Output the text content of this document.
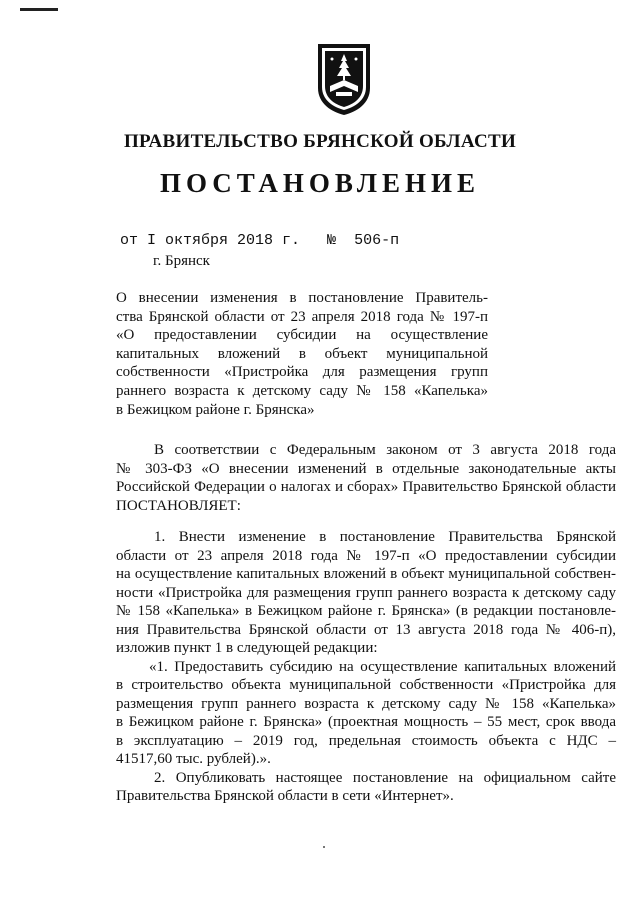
ПРАВИТЕЛЬСТВО БРЯНСКОЙ ОБЛАСТИ
ПОСТАНОВЛЕНИЕ
от I октября 2018 г. № 506-п
г. Брянск
О внесении изменения в постановление Правитель-
ства Брянской области от 23 апреля 2018 года № 197-п
«О предоставлении субсидии на осуществление
капитальных вложений в объект муниципальной
собственности «Пристройка для размещения групп
раннего возраста к детскому саду № 158 «Капелька»
в Бежицком районе г. Брянска»
В соответствии с Федеральным законом от 3 августа 2018 года
№ 303-ФЗ «О внесении изменений в отдельные законодательные акты
Российской Федерации о налогах и сборах» Правительство Брянской области
ПОСТАНОВЛЯЕТ:
1. Внести изменение в постановление Правительства Брянской
области от 23 апреля 2018 года № 197-п «О предоставлении субсидии
на осуществление капитальных вложений в объект муниципальной собствен-
ности «Пристройка для размещения групп раннего возраста к детскому саду
№ 158 «Капелька» в Бежицком районе г. Брянска» (в редакции постановле-
ния Правительства Брянской области от 13 августа 2018 года № 406-п),
изложив пункт 1 в следующей редакции:
«1. Предоставить субсидию на осуществление капитальных вложений
в строительство объекта муниципальной собственности «Пристройка для
размещения групп раннего возраста к детскому саду № 158 «Капелька»
в Бежицком районе г. Брянска» (проектная мощность – 55 мест, срок ввода
в эксплуатацию – 2019 год, предельная стоимость объекта с НДС –
41517,60 тыс. рублей).».
2. Опубликовать настоящее постановление на официальном сайте
Правительства Брянской области в сети «Интернет».
